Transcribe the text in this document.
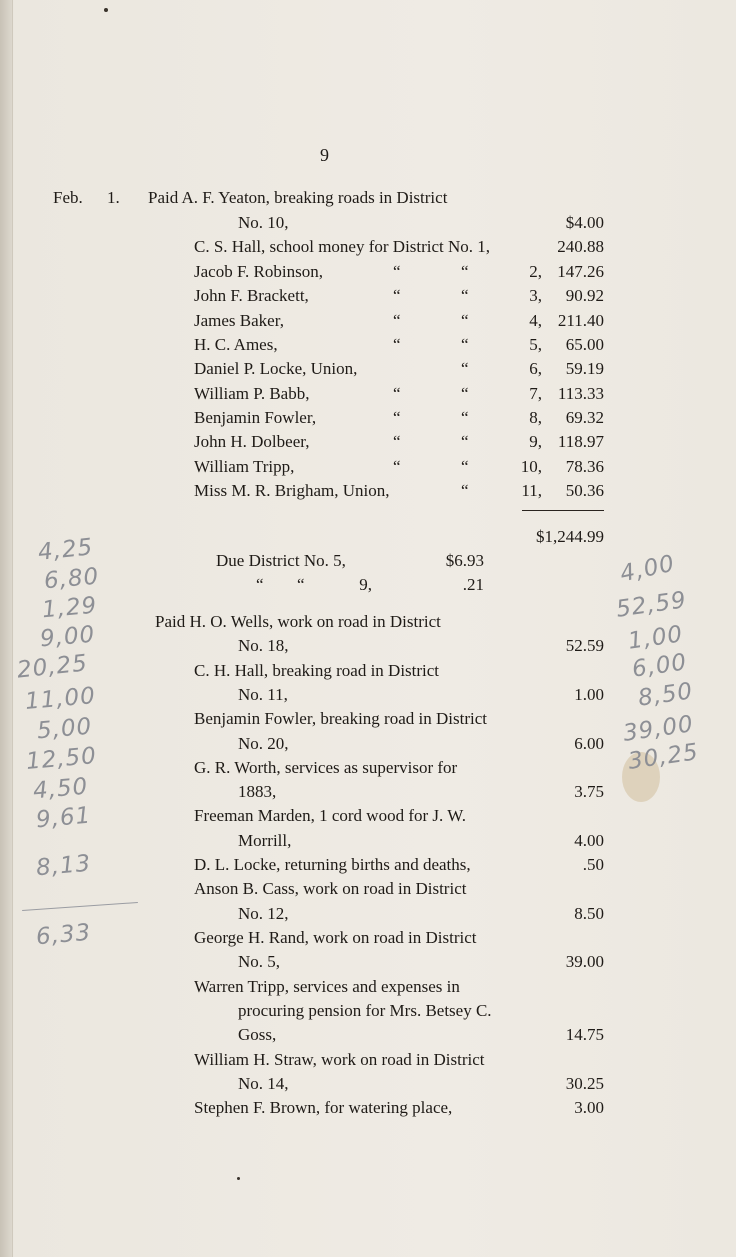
9
Feb. 1. Paid A. F. Yeaton, breaking roads in District
No. 10,	$4.00
C. S. Hall, school money for District No. 1,	240.88
Jacob F. Robinson,	“	“	2, 147.26
John F. Brackett,	“	“	3,	90.92
James Baker,	“	“	4, 211.40
H. C. Ames,	“	“	5,	65.00
Daniel P. Locke, Union,	“	6,	59.19
William P. Babb,	“	“	7, 113.33
Benjamin Fowler,	“	“	8,	69.32
John H. Dolbeer,	“	“	9, 118.97
William Tripp,	“	“	10,	78.36
Miss M. R. Brigham, Union,	“	11,	50.36
$1,244.99
Due District No. 5,	$6.93
“ “	9,	.21
Paid H. O. Wells, work on road in District
No. 18,	52.59
C. H. Hall, breaking road in District
No. 11,	1.00
Benjamin Fowler, breaking road in District
No. 20,	6.00
G. R. Worth, services as supervisor for
1883,	3.75
Freeman Marden, 1 cord wood for J. W.
Morrill,	4.00
D. L. Locke, returning births and deaths,	.50
Anson B. Cass, work on road in District
No. 12,	8.50
George H. Rand, work on road in District
No. 5,	39.00
Warren Tripp, services and expenses in
procuring pension for Mrs. Betsey C.
Goss,	14.75
William H. Straw, work on road in District
No. 14,	30.25
Stephen F. Brown, for watering place,	3.00
4,25
6,80
1,29
9,00
20,25
11,00
5,00
12,50
4,50
9,61
8,13
6,33
4,00
52,59
1,00
6,00
8,50
39,00
30,25
